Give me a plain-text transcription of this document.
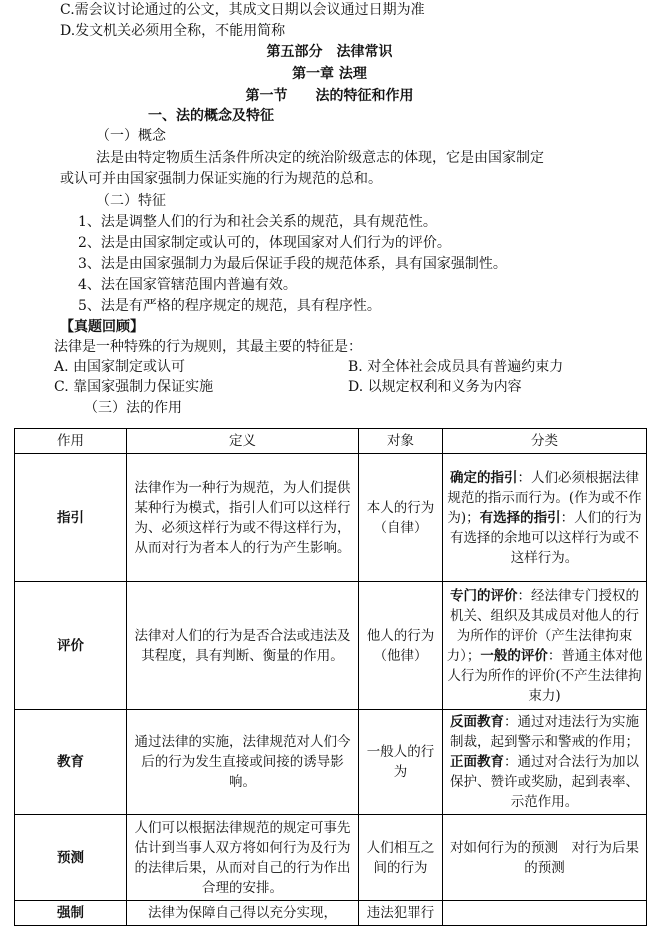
C.需会议讨论通过的公文，其成文日期以会议通过日期为准
D.发文机关必须用全称，不能用简称
第五部分　法律常识
第一章 法理
第一节　　法的特征和作用
一、法的概念及特征
（一）概念
法是由特定物质生活条件所决定的统治阶级意志的体现，它是由国家制定
或认可并由国家强制力保证实施的行为规范的总和。
（二）特征
1、法是调整人们的行为和社会关系的规范，具有规范性。
2、法是由国家制定或认可的，体现国家对人们行为的评价。
3、法是由国家强制力为最后保证手段的规范体系，具有国家强制性。
4、法在国家管辖范围内普遍有效。
5、法是有严格的程序规定的规范，具有程序性。
【真题回顾】
法律是一种特殊的行为规则，其最主要的特征是：
A. 由国家制定或认可	B. 对全体社会成员具有普遍约束力
C. 靠国家强制力保证实施	D. 以规定权利和义务为内容
（三）法的作用
作用	定义	对象	分类
指引	法律作为一种行为规范，为人们提供某种行为模式，指引人们可以这样行为、必须这样行为或不得这样行为，从而对行为者本人的行为产生影响。	本人的行为（自律）	确定的指引：人们必须根据法律规范的指示而行为。(作为或不作为)；有选择的指引：人们的行为有选择的余地可以这样行为或不这样行为。
评价	法律对人们的行为是否合法或违法及其程度，具有判断、衡量的作用。	他人的行为（他律）	专门的评价：经法律专门授权的机关、组织及其成员对他人的行为所作的评价（产生法律拘束力）；一般的评价：普通主体对他人行为所作的评价(不产生法律拘束力)
教育	通过法律的实施，法律规范对人们今后的行为发生直接或间接的诱导影响。	一般人的行为	反面教育：通过对违法行为实施制裁，起到警示和警戒的作用；正面教育：通过对合法行为加以保护、赞许或奖励，起到表率、示范作用。
预测	人们可以根据法律规范的规定可事先估计到当事人双方将如何行为及行为的法律后果，从而对自己的行为作出合理的安排。	人们相互之间的行为	对如何行为的预测　对行为后果的预测
强制	法律为保障自己得以充分实现，	违法犯罪行	
